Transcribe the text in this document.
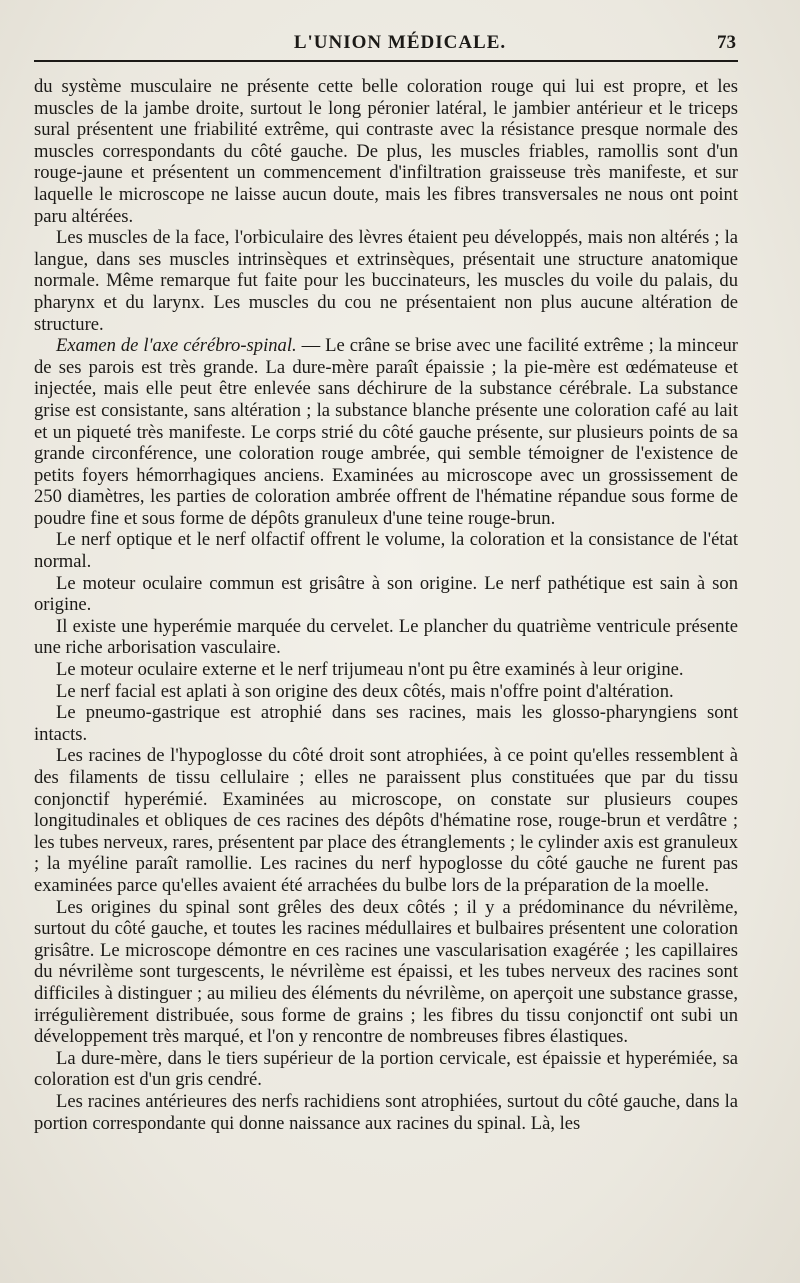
L'UNION MÉDICALE.	73

du système musculaire ne présente cette belle coloration rouge qui lui est propre, et les muscles de la jambe droite, surtout le long péronier latéral, le jambier antérieur et le triceps sural présentent une friabilité extrême, qui contraste avec la résistance presque normale des muscles correspondants du côté gauche. De plus, les muscles friables, ramollis sont d'un rouge-jaune et présentent un commencement d'infiltration graisseuse très manifeste, et sur laquelle le microscope ne laisse aucun doute, mais les fibres transversales ne nous ont point paru altérées.

Les muscles de la face, l'orbiculaire des lèvres étaient peu développés, mais non altérés ; la langue, dans ses muscles intrinsèques et extrinsèques, présentait une structure anatomique normale. Même remarque fut faite pour les buccinateurs, les muscles du voile du palais, du pharynx et du larynx. Les muscles du cou ne présentaient non plus aucune altération de structure.

Examen de l'axe cérébro-spinal. — Le crâne se brise avec une facilité extrême ; la minceur de ses parois est très grande. La dure-mère paraît épaissie ; la pie-mère est œdémateuse et injectée, mais elle peut être enlevée sans déchirure de la substance cérébrale. La substance grise est consistante, sans altération ; la substance blanche présente une coloration café au lait et un piqueté très manifeste. Le corps strié du côté gauche présente, sur plusieurs points de sa grande circonférence, une coloration rouge ambrée, qui semble témoigner de l'existence de petits foyers hémorrhagiques anciens. Examinées au microscope avec un grossissement de 250 diamètres, les parties de coloration ambrée offrent de l'hématine répandue sous forme de poudre fine et sous forme de dépôts granuleux d'une teine rouge-brun.

Le nerf optique et le nerf olfactif offrent le volume, la coloration et la consistance de l'état normal.

Le moteur oculaire commun est grisâtre à son origine. Le nerf pathétique est sain à son origine.

Il existe une hyperémie marquée du cervelet. Le plancher du quatrième ventricule présente une riche arborisation vasculaire.

Le moteur oculaire externe et le nerf trijumeau n'ont pu être examinés à leur origine.

Le nerf facial est aplati à son origine des deux côtés, mais n'offre point d'altération.

Le pneumo-gastrique est atrophié dans ses racines, mais les glosso-pharyngiens sont intacts.

Les racines de l'hypoglosse du côté droit sont atrophiées, à ce point qu'elles ressemblent à des filaments de tissu cellulaire ; elles ne paraissent plus constituées que par du tissu conjonctif hyperémié. Examinées au microscope, on constate sur plusieurs coupes longitudinales et obliques de ces racines des dépôts d'hématine rose, rouge-brun et verdâtre ; les tubes nerveux, rares, présentent par place des étranglements ; le cylinder axis est granuleux ; la myéline paraît ramollie. Les racines du nerf hypoglosse du côté gauche ne furent pas examinées parce qu'elles avaient été arrachées du bulbe lors de la préparation de la moelle.

Les origines du spinal sont grêles des deux côtés ; il y a prédominance du névrilème, surtout du côté gauche, et toutes les racines médullaires et bulbaires présentent une coloration grisâtre. Le microscope démontre en ces racines une vascularisation exagérée ; les capillaires du névrilème sont turgescents, le névrilème est épaissi, et les tubes nerveux des racines sont difficiles à distinguer ; au milieu des éléments du névrilème, on aperçoit une substance grasse, irrégulièrement distribuée, sous forme de grains ; les fibres du tissu conjonctif ont subi un développement très marqué, et l'on y rencontre de nombreuses fibres élastiques.

La dure-mère, dans le tiers supérieur de la portion cervicale, est épaissie et hyperémiée, sa coloration est d'un gris cendré.

Les racines antérieures des nerfs rachidiens sont atrophiées, surtout du côté gauche, dans la portion correspondante qui donne naissance aux racines du spinal. Là, les
